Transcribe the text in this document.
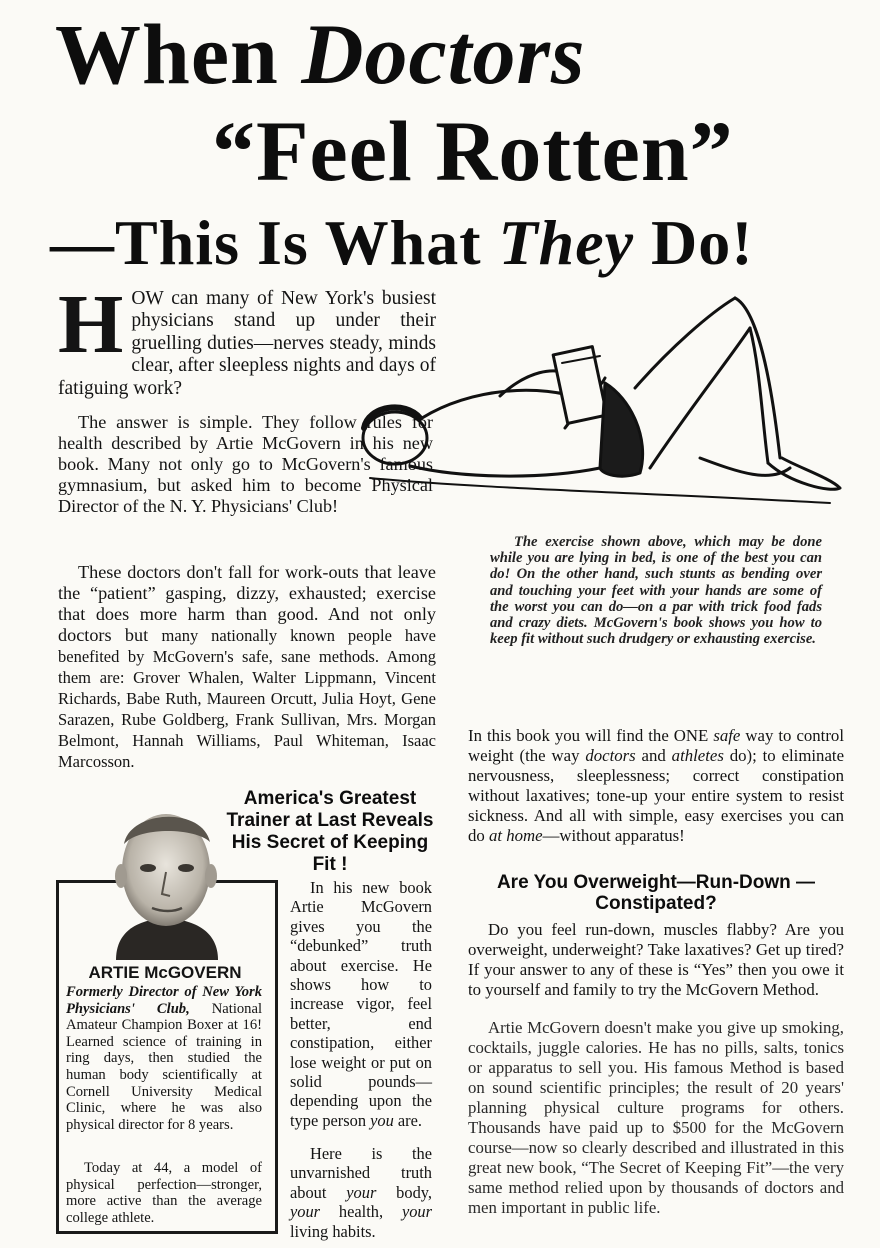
When Doctors
“Feel Rotten”
—This Is What They Do!
HOW can many of New York's busiest physicians stand up under their gruelling duties—nerves steady, minds clear, after sleepless nights and days of fatiguing work?
The answer is simple. They follow rules for health described by Artie McGovern in his new book. Many not only go to McGovern's famous gymnasium, but asked him to become Physical Director of the N. Y. Physicians' Club!
These doctors don't fall for work-outs that leave the “patient” gasping, dizzy, exhausted; exercise that does more harm than good. And not only doctors but many nationally known people have benefited by McGovern's safe, sane methods. Among them are: Grover Whalen, Walter Lippmann, Vincent Richards, Babe Ruth, Maureen Orcutt, Julia Hoyt, Gene Sarazen, Rube Goldberg, Frank Sullivan, Mrs. Morgan Belmont, Hannah Williams, Paul Whiteman, Isaac Marcosson.
The exercise shown above, which may be done while you are lying in bed, is one of the best you can do! On the other hand, such stunts as bending over and touching your feet with your hands are some of the worst you can do—on a par with trick food fads and crazy diets. McGovern's book shows you how to keep fit without such drudgery or exhausting exercise.
In this book you will find the ONE safe way to control weight (the way doctors and athletes do); to eliminate nervousness, sleeplessness; correct constipation without laxatives; tone-up your entire system to resist sickness. And all with simple, easy exercises you can do at home—without apparatus!
America's Greatest Trainer at Last Reveals His Secret of Keeping Fit !
Are You Overweight—Run-Down —Constipated?
Do you feel run-down, muscles flabby? Are you overweight, underweight? Take laxatives? Get up tired? If your answer to any of these is “Yes” then you owe it to yourself and family to try the McGovern Method.
Artie McGovern doesn't make you give up smoking, cocktails, juggle calories. He has no pills, salts, tonics or apparatus to sell you. His famous Method is based on sound scientific principles; the result of 20 years' planning physical culture programs for others. Thousands have paid up to $500 for the McGovern course—now so clearly described and illustrated in this great new book, “The Secret of Keeping Fit”—the very same method relied upon by thousands of doctors and men important in public life.
ARTIE McGOVERN
Formerly Director of New York Physicians' Club, National Amateur Champion Boxer at 16! Learned science of training in ring days, then studied the human body scientifically at Cornell University Medical Clinic, where he was also physical director for 8 years.
Today at 44, a model of physical perfection—stronger, more active than the average college athlete.
In his new book Artie McGovern gives you the “debunked” truth about exercise. He shows how to increase vigor, feel better, end constipation, either lose weight or put on solid pounds—depending upon the type person you are.
Here is the unvarnished truth about your body, your health, your living habits.
